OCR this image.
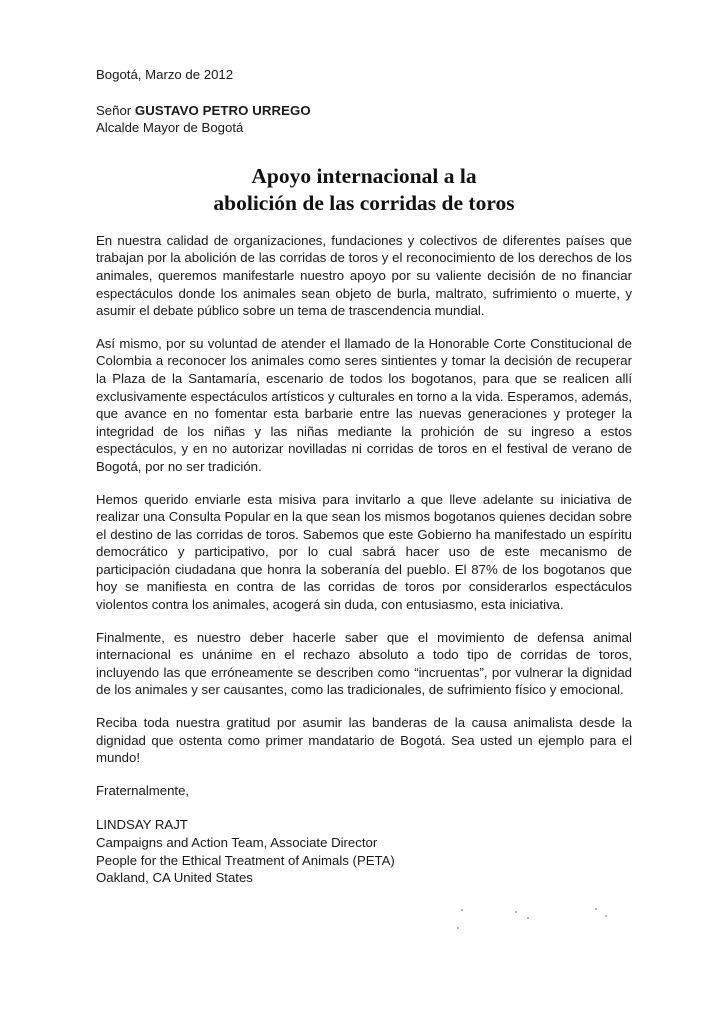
Bogotá, Marzo de 2012

Señor GUSTAVO PETRO URREGO
Alcalde Mayor de Bogotá

Apoyo internacional a la
abolición de las corridas de toros

En nuestra calidad de organizaciones, fundaciones y colectivos de diferentes países que trabajan por la abolición de las corridas de toros y el reconocimiento de los derechos de los animales, queremos manifestarle nuestro apoyo por su valiente decisión de no financiar espectáculos donde los animales sean objeto de burla, maltrato, sufrimiento o muerte, y asumir el debate público sobre un tema de trascendencia mundial.

Así mismo, por su voluntad de atender el llamado de la Honorable Corte Constitucional de Colombia a reconocer los animales como seres sintientes y tomar la decisión de recuperar la Plaza de la Santamaría, escenario de todos los bogotanos, para que se realicen allí exclusivamente espectáculos artísticos y culturales en torno a la vida. Esperamos, además, que avance en no fomentar esta barbarie entre las nuevas generaciones y proteger la integridad de los niñas y las niñas mediante la prohición de su ingreso a estos espectáculos, y en no autorizar novilladas ni corridas de toros en el festival de verano de Bogotá, por no ser tradición.

Hemos querido enviarle esta misiva para invitarlo a que lleve adelante su iniciativa de realizar una Consulta Popular en la que sean los mismos bogotanos quienes decidan sobre el destino de las corridas de toros. Sabemos que este Gobierno ha manifestado un espíritu democrático y participativo, por lo cual sabrá hacer uso de este mecanismo de participación ciudadana que honra la soberanía del pueblo. El 87% de los bogotanos que hoy se manifiesta en contra de las corridas de toros por considerarlos espectáculos violentos contra los animales, acogerá sin duda, con entusiasmo, esta iniciativa.

Finalmente, es nuestro deber hacerle saber que el movimiento de defensa animal internacional es unánime en el rechazo absoluto a todo tipo de corridas de toros, incluyendo las que erróneamente se describen como “incruentas”, por vulnerar la dignidad de los animales y ser causantes, como las tradicionales, de sufrimiento físico y emocional.

Reciba toda nuestra gratitud por asumir las banderas de la causa animalista desde la dignidad que ostenta como primer mandatario de Bogotá. Sea usted un ejemplo para el mundo!

Fraternalmente,

LINDSAY RAJT
Campaigns and Action Team, Associate Director
People for the Ethical Treatment of Animals (PETA)
Oakland, CA United States
